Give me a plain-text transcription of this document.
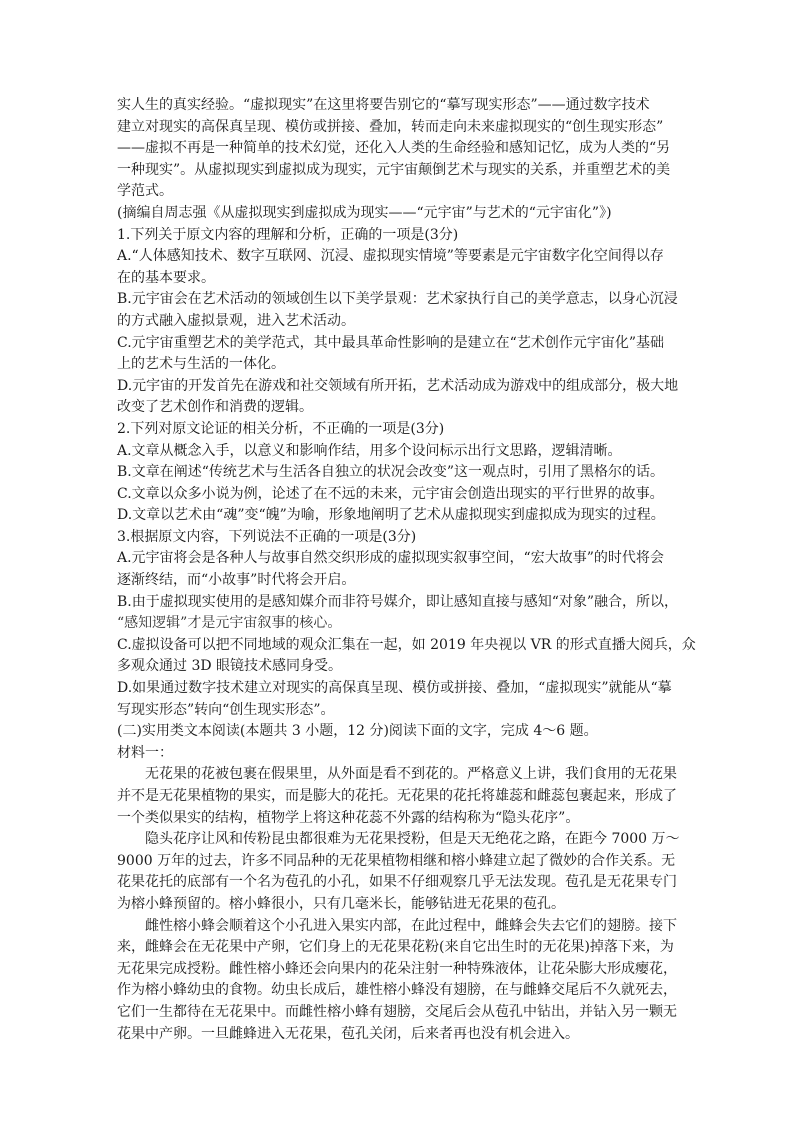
实人生的真实经验。“虚拟现实”在这里将要告别它的“摹写现实形态”——通过数字技术
建立对现实的高保真呈现、模仿或拼接、叠加，转而走向未来虚拟现实的“创生现实形态”
——虚拟不再是一种简单的技术幻觉，还化入人类的生命经验和感知记忆，成为人类的“另
一种现实”。从虚拟现实到虚拟成为现实，元宇宙颠倒艺术与现实的关系，并重塑艺术的美
学范式。
(摘编自周志强《从虚拟现实到虚拟成为现实——“元宇宙”与艺术的“元宇宙化”》)
1.下列关于原文内容的理解和分析，正确的一项是(3分)
A.“人体感知技术、数字互联网、沉浸、虚拟现实情境”等要素是元宇宙数字化空间得以存
在的基本要求。
B.元宇宙会在艺术活动的领域创生以下美学景观：艺术家执行自己的美学意志，以身心沉浸
的方式融入虚拟景观，进入艺术活动。
C.元宇宙重塑艺术的美学范式，其中最具革命性影响的是建立在“艺术创作元宇宙化”基础
上的艺术与生活的一体化。
D.元宇宙的开发首先在游戏和社交领域有所开拓，艺术活动成为游戏中的组成部分，极大地
改变了艺术创作和消费的逻辑。
2.下列对原文论证的相关分析，不正确的一项是(3分)
A.文章从概念入手，以意义和影响作结，用多个设问标示出行文思路，逻辑清晰。
B.文章在阐述“传统艺术与生活各自独立的状况会改变”这一观点时，引用了黑格尔的话。
C.文章以众多小说为例，论述了在不远的未来，元宇宙会创造出现实的平行世界的故事。
D.文章以艺术由“魂”变“魄”为喻，形象地阐明了艺术从虚拟现实到虚拟成为现实的过程。
3.根据原文内容，下列说法不正确的一项是(3分)
A.元宇宙将会是各种人与故事自然交织形成的虚拟现实叙事空间，“宏大故事”的时代将会
逐渐终结，而“小故事”时代将会开启。
B.由于虚拟现实使用的是感知媒介而非符号媒介，即让感知直接与感知“对象”融合，所以，
“感知逻辑”才是元宇宙叙事的核心。
C.虚拟设备可以把不同地域的观众汇集在一起，如 2019 年央视以 VR 的形式直播大阅兵，众
多观众通过 3D 眼镜技术感同身受。
D.如果通过数字技术建立对现实的高保真呈现、模仿或拼接、叠加，“虚拟现实”就能从“摹
写现实形态”转向“创生现实形态”。
(二)实用类文本阅读(本题共 3 小题，12 分)阅读下面的文字，完成 4～6 题。
材料一：
无花果的花被包裹在假果里，从外面是看不到花的。严格意义上讲，我们食用的无花果
并不是无花果植物的果实，而是膨大的花托。无花果的花托将雄蕊和雌蕊包裹起来，形成了
一个类似果实的结构，植物学上将这种花蕊不外露的结构称为“隐头花序”。
隐头花序让风和传粉昆虫都很难为无花果授粉，但是天无绝花之路，在距今 7000 万～
9000 万年的过去，许多不同品种的无花果植物相继和榕小蜂建立起了微妙的合作关系。无
花果花托的底部有一个名为苞孔的小孔，如果不仔细观察几乎无法发现。苞孔是无花果专门
为榕小蜂预留的。榕小蜂很小，只有几毫米长，能够钻进无花果的苞孔。
雌性榕小蜂会顺着这个小孔进入果实内部，在此过程中，雌蜂会失去它们的翅膀。接下
来，雌蜂会在无花果中产卵，它们身上的无花果花粉(来自它出生时的无花果)掉落下来，为
无花果完成授粉。雌性榕小蜂还会向果内的花朵注射一种特殊液体，让花朵膨大形成瘿花，
作为榕小蜂幼虫的食物。幼虫长成后，雄性榕小蜂没有翅膀，在与雌蜂交尾后不久就死去，
它们一生都待在无花果中。而雌性榕小蜂有翅膀，交尾后会从苞孔中钻出，并钻入另一颗无
花果中产卵。一旦雌蜂进入无花果，苞孔关闭，后来者再也没有机会进入。
